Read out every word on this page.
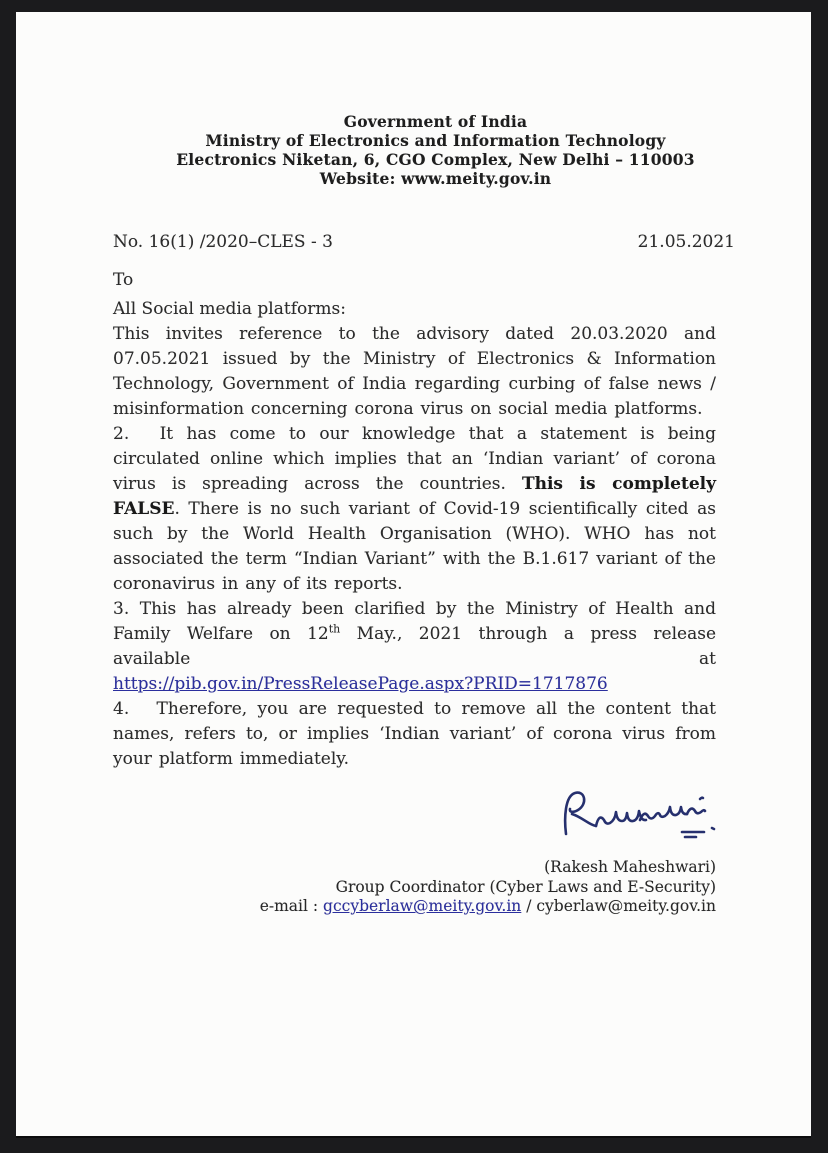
Government of India
Ministry of Electronics and Information Technology
Electronics Niketan, 6, CGO Complex, New Delhi – 110003
Website: www.meity.gov.in
No. 16(1) /2020–CLES - 3	21.05.2021
To
All Social media platforms:

This invites reference to the advisory dated 20.03.2020 and 07.05.2021 issued by the Ministry of Electronics & Information Technology, Government of India regarding curbing of false news / misinformation concerning corona virus on social media platforms.

2.  It has come to our knowledge that a statement is being circulated online which implies that an ‘Indian variant’ of corona virus is spreading across the countries. This is completely FALSE. There is no such variant of Covid-19 scientifically cited as such by the World Health Organisation (WHO). WHO has not associated the term “Indian Variant” with the B.1.617 variant of the coronavirus in any of its reports.

3. This has already been clarified by the Ministry of Health and Family Welfare on 12th May., 2021 through a press release
available	at
https://pib.gov.in/PressReleasePage.aspx?PRID=1717876

4.  Therefore, you are requested to remove all the content that names, refers to, or implies ‘Indian variant’ of corona virus from your platform immediately.

(Rakesh Maheshwari)
Group Coordinator (Cyber Laws and E-Security)
e-mail : gccyberlaw@meity.gov.in / cyberlaw@meity.gov.in
